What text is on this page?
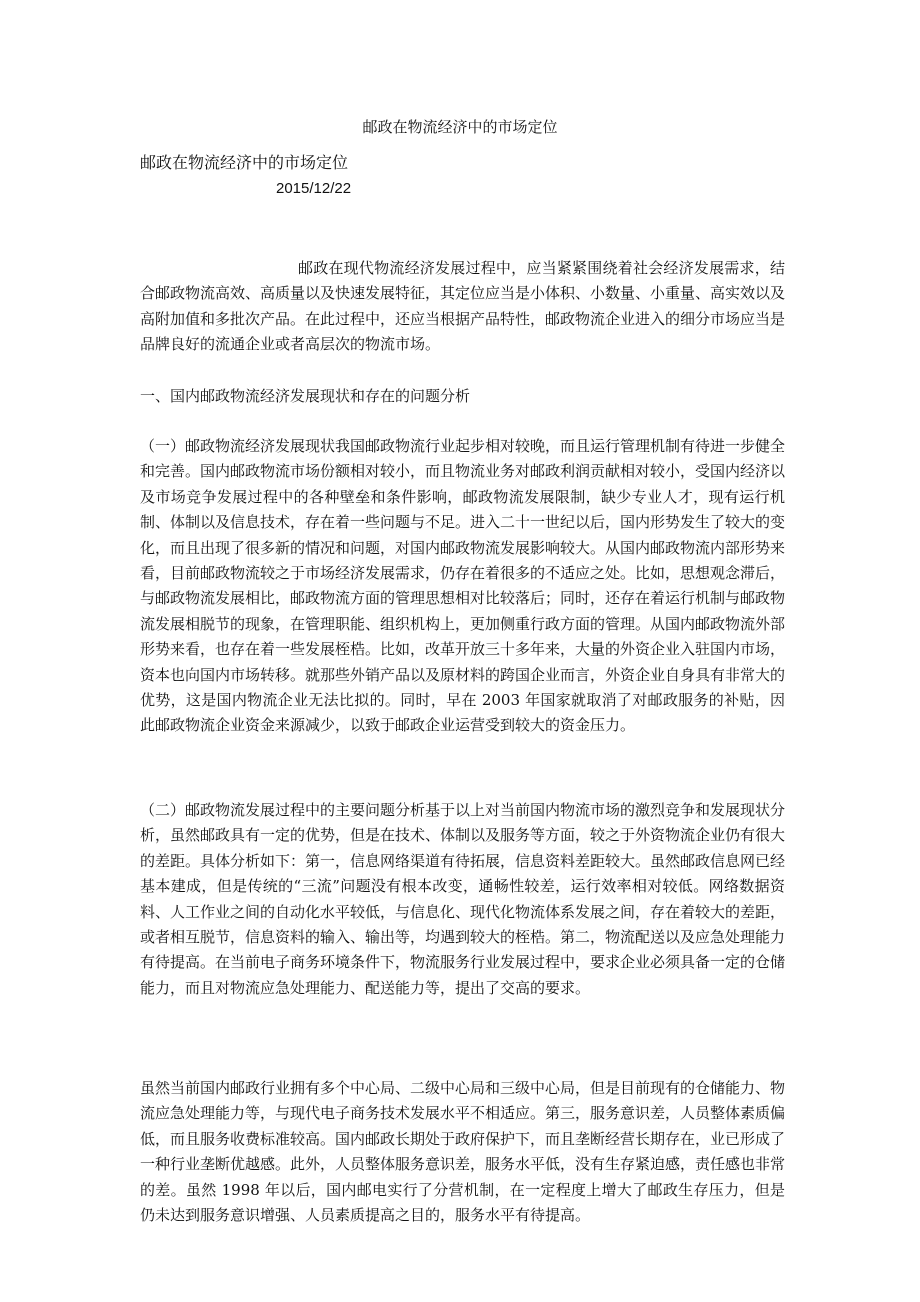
邮政在物流经济中的市场定位
邮政在物流经济中的市场定位
2015/12/22

邮政在现代物流经济发展过程中，应当紧紧围绕着社会经济发展需求，结合邮政物流高效、高质量以及快速发展特征，其定位应当是小体积、小数量、小重量、高实效以及高附加值和多批次产品。在此过程中，还应当根据产品特性，邮政物流企业进入的细分市场应当是品牌良好的流通企业或者高层次的物流市场。

一、国内邮政物流经济发展现状和存在的问题分析

（一）邮政物流经济发展现状我国邮政物流行业起步相对较晚，而且运行管理机制有待进一步健全和完善。国内邮政物流市场份额相对较小，而且物流业务对邮政利润贡献相对较小，受国内经济以及市场竞争发展过程中的各种壁垒和条件影响，邮政物流发展限制，缺少专业人才，现有运行机制、体制以及信息技术，存在着一些问题与不足。进入二十一世纪以后，国内形势发生了较大的变化，而且出现了很多新的情况和问题，对国内邮政物流发展影响较大。从国内邮政物流内部形势来看，目前邮政物流较之于市场经济发展需求，仍存在着很多的不适应之处。比如，思想观念滞后，与邮政物流发展相比，邮政物流方面的管理思想相对比较落后；同时，还存在着运行机制与邮政物流发展相脱节的现象，在管理职能、组织机构上，更加侧重行政方面的管理。从国内邮政物流外部形势来看，也存在着一些发展桎梏。比如，改革开放三十多年来，大量的外资企业入驻国内市场，资本也向国内市场转移。就那些外销产品以及原材料的跨国企业而言，外资企业自身具有非常大的优势，这是国内物流企业无法比拟的。同时，早在 2003 年国家就取消了对邮政服务的补贴，因此邮政物流企业资金来源减少，以致于邮政企业运营受到较大的资金压力。

（二）邮政物流发展过程中的主要问题分析基于以上对当前国内物流市场的激烈竞争和发展现状分析，虽然邮政具有一定的优势，但是在技术、体制以及服务等方面，较之于外资物流企业仍有很大的差距。具体分析如下：第一，信息网络渠道有待拓展，信息资料差距较大。虽然邮政信息网已经基本建成，但是传统的“三流”问题没有根本改变，通畅性较差，运行效率相对较低。网络数据资料、人工作业之间的自动化水平较低，与信息化、现代化物流体系发展之间，存在着较大的差距，或者相互脱节，信息资料的输入、输出等，均遇到较大的桎梏。第二，物流配送以及应急处理能力有待提高。在当前电子商务环境条件下，物流服务行业发展过程中，要求企业必须具备一定的仓储能力，而且对物流应急处理能力、配送能力等，提出了交高的要求。

虽然当前国内邮政行业拥有多个中心局、二级中心局和三级中心局，但是目前现有的仓储能力、物流应急处理能力等，与现代电子商务技术发展水平不相适应。第三，服务意识差，人员整体素质偏低，而且服务收费标准较高。国内邮政长期处于政府保护下，而且垄断经营长期存在，业已形成了一种行业垄断优越感。此外，人员整体服务意识差，服务水平低，没有生存紧迫感，责任感也非常的差。虽然 1998 年以后，国内邮电实行了分营机制，在一定程度上增大了邮政生存压力，但是仍未达到服务意识增强、人员素质提高之目的，服务水平有待提高。
